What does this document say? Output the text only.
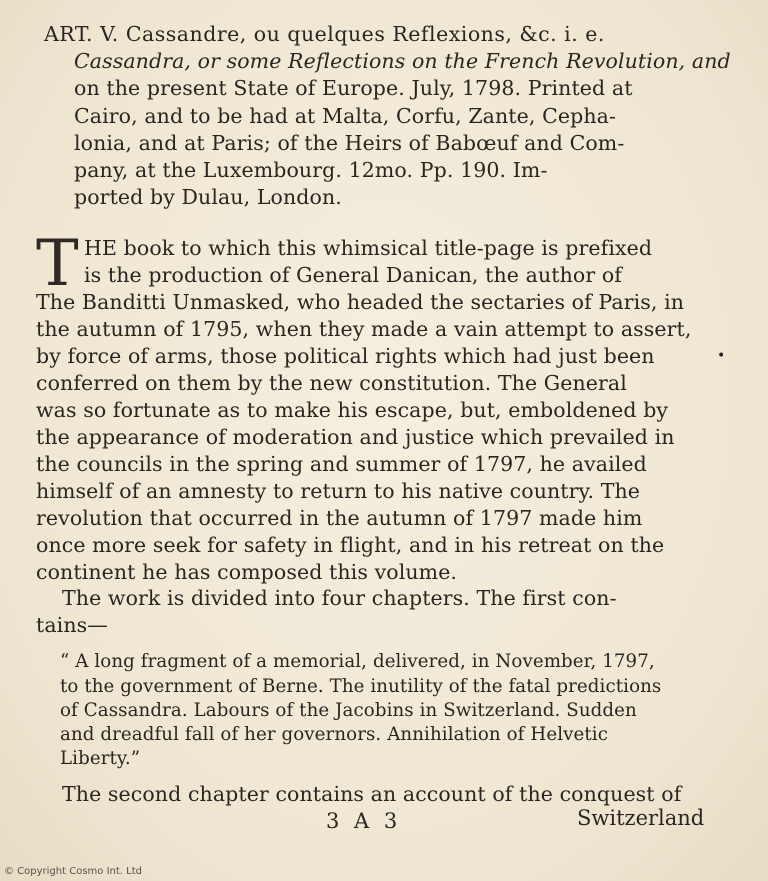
ART. V. Cassandre, ou quelques Reflexions, &c. i. e.
Cassandra, or some Reflections on the French Revolution, and
on the present State of Europe. July, 1798. Printed at
Cairo, and to be had at Malta, Corfu, Zante, Cepha-
lonia, and at Paris; of the Heirs of Babœuf and Com-
pany, at the Luxembourg. 12mo. Pp. 190. Im-
ported by Dulau, London.
T HE book to which this whimsical title-page is prefixed
is the production of General Danican, the author of
The Banditti Unmasked, who headed the sectaries of Paris, in
the autumn of 1795, when they made a vain attempt to assert,
by force of arms, those political rights which had just been
conferred on them by the new constitution. The General
was so fortunate as to make his escape, but, emboldened by
the appearance of moderation and justice which prevailed in
the councils in the spring and summer of 1797, he availed
himself of an amnesty to return to his native country. The
revolution that occurred in the autumn of 1797 made him
once more seek for safety in flight, and in his retreat on the
continent he has composed this volume.
The work is divided into four chapters. The first con-
tains—
“ A long fragment of a memorial, delivered, in November, 1797,
to the government of Berne. The inutility of the fatal predictions
of Cassandra. Labours of the Jacobins in Switzerland. Sudden
and dreadful fall of her governors. Annihilation of Helvetic
Liberty.”
The second chapter contains an account of the conquest of
3 A 3	Switzerland
•
© Copyright Cosmo Int. Ltd
